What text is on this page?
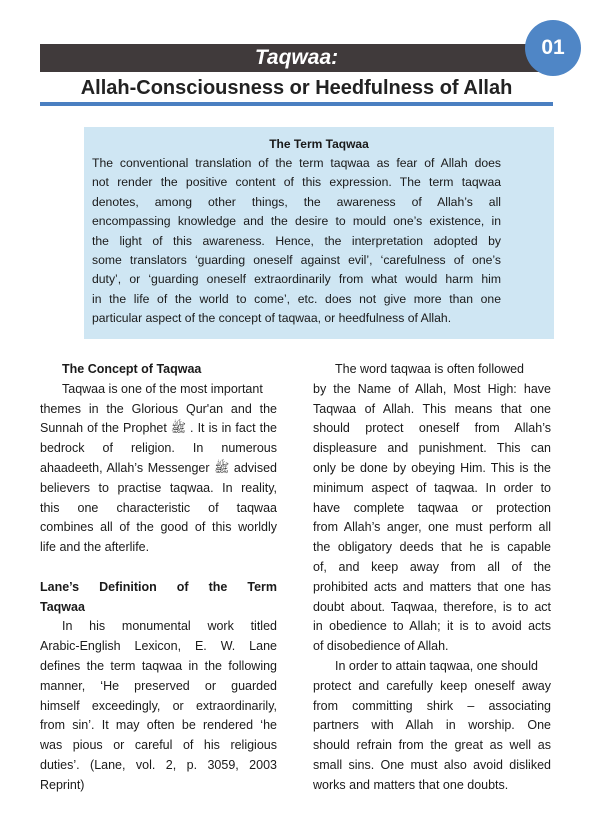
Taqwaa:
Allah-Consciousness or Heedfulness of Allah
01
The Term Taqwaa
The conventional translation of the term taqwaa as fear of Allah does
not render the positive content of this expression. The term taqwaa
denotes, among other things, the awareness of Allah’s all
encompassing knowledge and the desire to mould one’s existence, in
the light of this awareness. Hence, the interpretation adopted by
some translators ‘guarding oneself against evil’, ‘carefulness of one’s
duty’, or ‘guarding oneself extraordinarily from what would harm him
in the life of the world to come’, etc. does not give more than one
particular aspect of the concept of taqwaa, or heedfulness of Allah.
The Concept of Taqwaa
Taqwaa is one of the most important
themes in the Glorious Qur'an and the
Sunnah of the Prophet ﷺ . It is in fact the
bedrock of religion. In numerous
ahaadeeth, Allah’s Messenger ﷺ advised
believers to practise taqwaa. In reality,
this one characteristic of taqwaa
combines all of the good of this worldly
life and the afterlife.
Lane’s Definition of the Term
Taqwaa
In his monumental work titled
Arabic-English Lexicon, E. W. Lane
defines the term taqwaa in the following
manner, ‘He preserved or guarded
himself exceedingly, or extraordinarily,
from sin’. It may often be rendered ‘he
was pious or careful of his religious
duties’. (Lane, vol. 2, p. 3059, 2003
Reprint)
The word taqwaa is often followed
by the Name of Allah, Most High: have
Taqwaa of Allah. This means that one
should protect oneself from Allah’s
displeasure and punishment. This can
only be done by obeying Him. This is the
minimum aspect of taqwaa. In order to
have complete taqwaa or protection
from Allah’s anger, one must perform all
the obligatory deeds that he is capable
of, and keep away from all of the
prohibited acts and matters that one has
doubt about. Taqwaa, therefore, is to act
in obedience to Allah; it is to avoid acts
of disobedience of Allah.
In order to attain taqwaa, one should
protect and carefully keep oneself away
from committing shirk – associating
partners with Allah in worship. One
should refrain from the great as well as
small sins. One must also avoid disliked
works and matters that one doubts.
